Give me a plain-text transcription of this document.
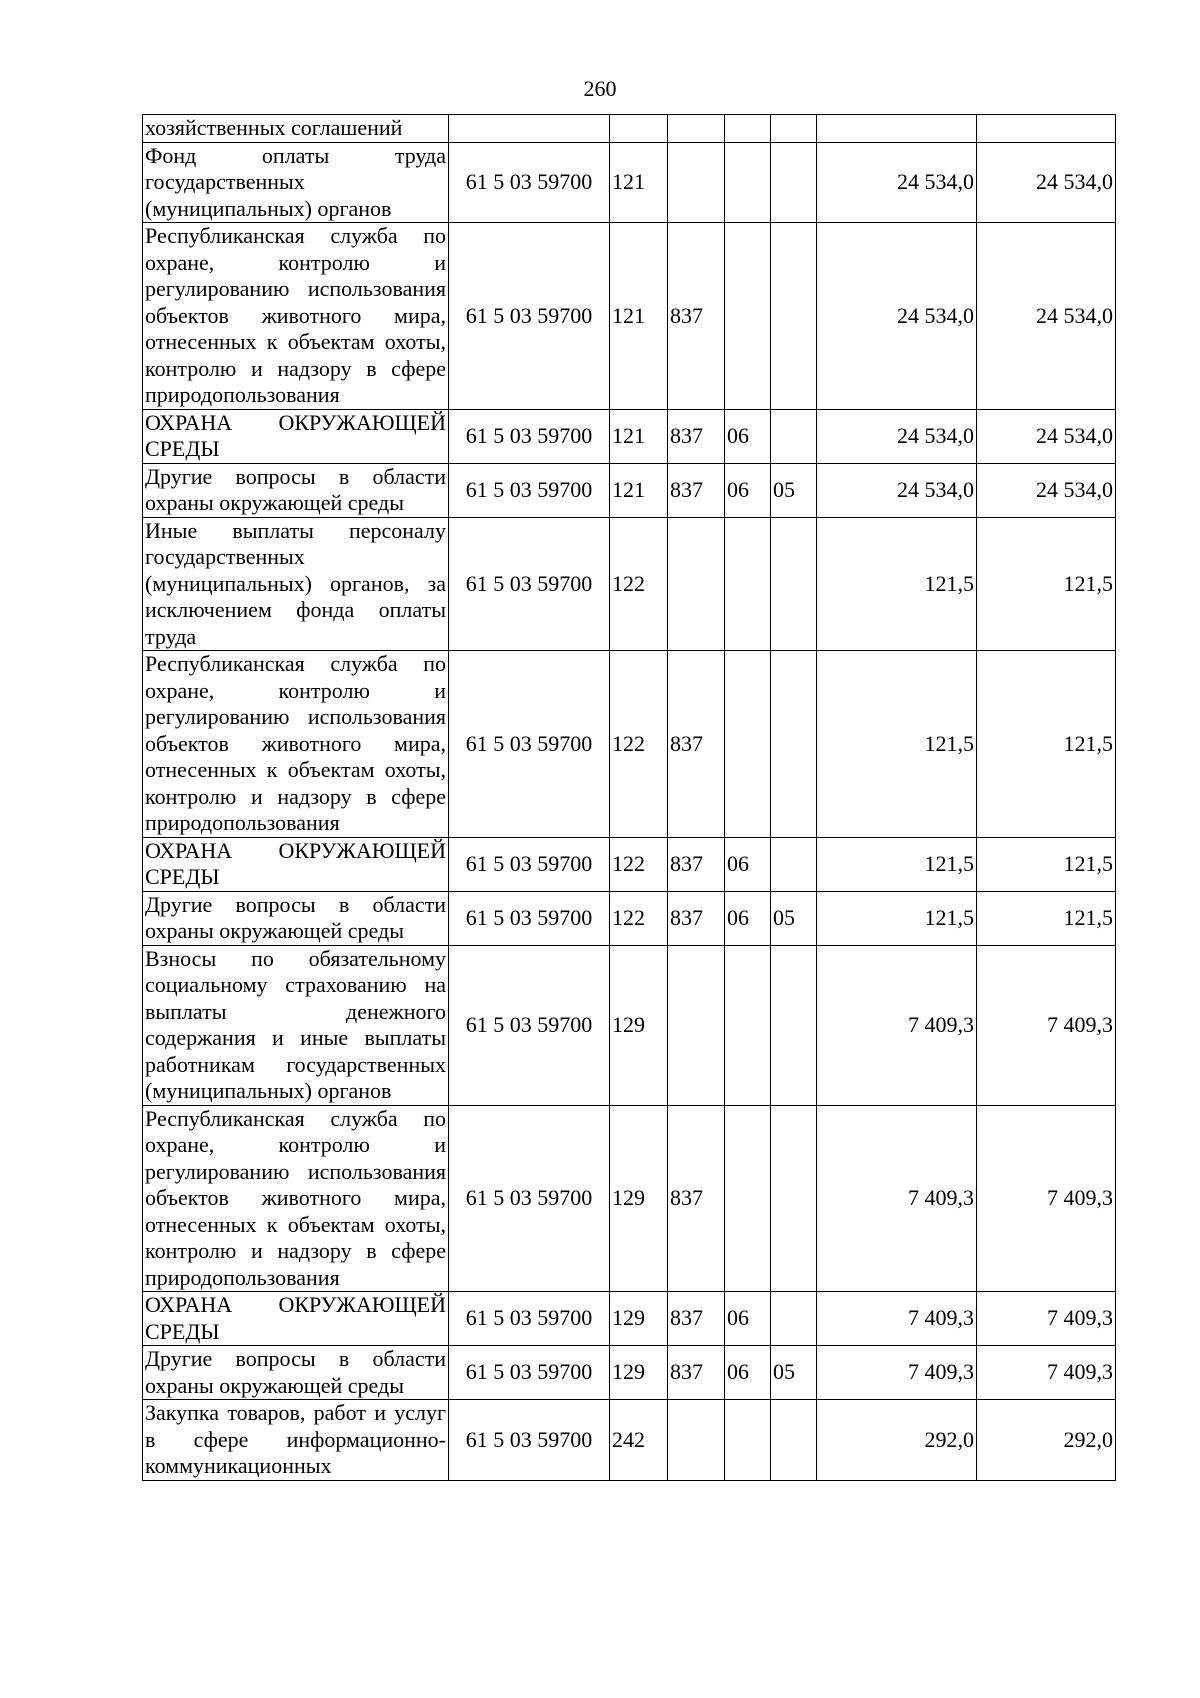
260
хозяйственных соглашений							
Фонд оплаты труда государственных (муниципальных) органов	61 5 03 59700	121				24 534,0	24 534,0
Республиканская служба по охране, контролю и регулированию использования объектов животного мира, отнесенных к объектам охоты, контролю и надзору в сфере природопользования	61 5 03 59700	121	837			24 534,0	24 534,0
ОХРАНА ОКРУЖАЮЩЕЙ СРЕДЫ	61 5 03 59700	121	837	06		24 534,0	24 534,0
Другие вопросы в области охраны окружающей среды	61 5 03 59700	121	837	06	05	24 534,0	24 534,0
Иные выплаты персоналу государственных (муниципальных) органов, за исключением фонда оплаты труда	61 5 03 59700	122				121,5	121,5
Республиканская служба по охране, контролю и регулированию использования объектов животного мира, отнесенных к объектам охоты, контролю и надзору в сфере природопользования	61 5 03 59700	122	837			121,5	121,5
ОХРАНА ОКРУЖАЮЩЕЙ СРЕДЫ	61 5 03 59700	122	837	06		121,5	121,5
Другие вопросы в области охраны окружающей среды	61 5 03 59700	122	837	06	05	121,5	121,5
Взносы по обязательному социальному страхованию на выплаты денежного содержания и иные выплаты работникам государственных (муниципальных) органов	61 5 03 59700	129				7 409,3	7 409,3
Республиканская служба по охране, контролю и регулированию использования объектов животного мира, отнесенных к объектам охоты, контролю и надзору в сфере природопользования	61 5 03 59700	129	837			7 409,3	7 409,3
ОХРАНА ОКРУЖАЮЩЕЙ СРЕДЫ	61 5 03 59700	129	837	06		7 409,3	7 409,3
Другие вопросы в области охраны окружающей среды	61 5 03 59700	129	837	06	05	7 409,3	7 409,3
Закупка товаров, работ и услуг в сфере информационно-коммуникационных	61 5 03 59700	242				292,0	292,0
